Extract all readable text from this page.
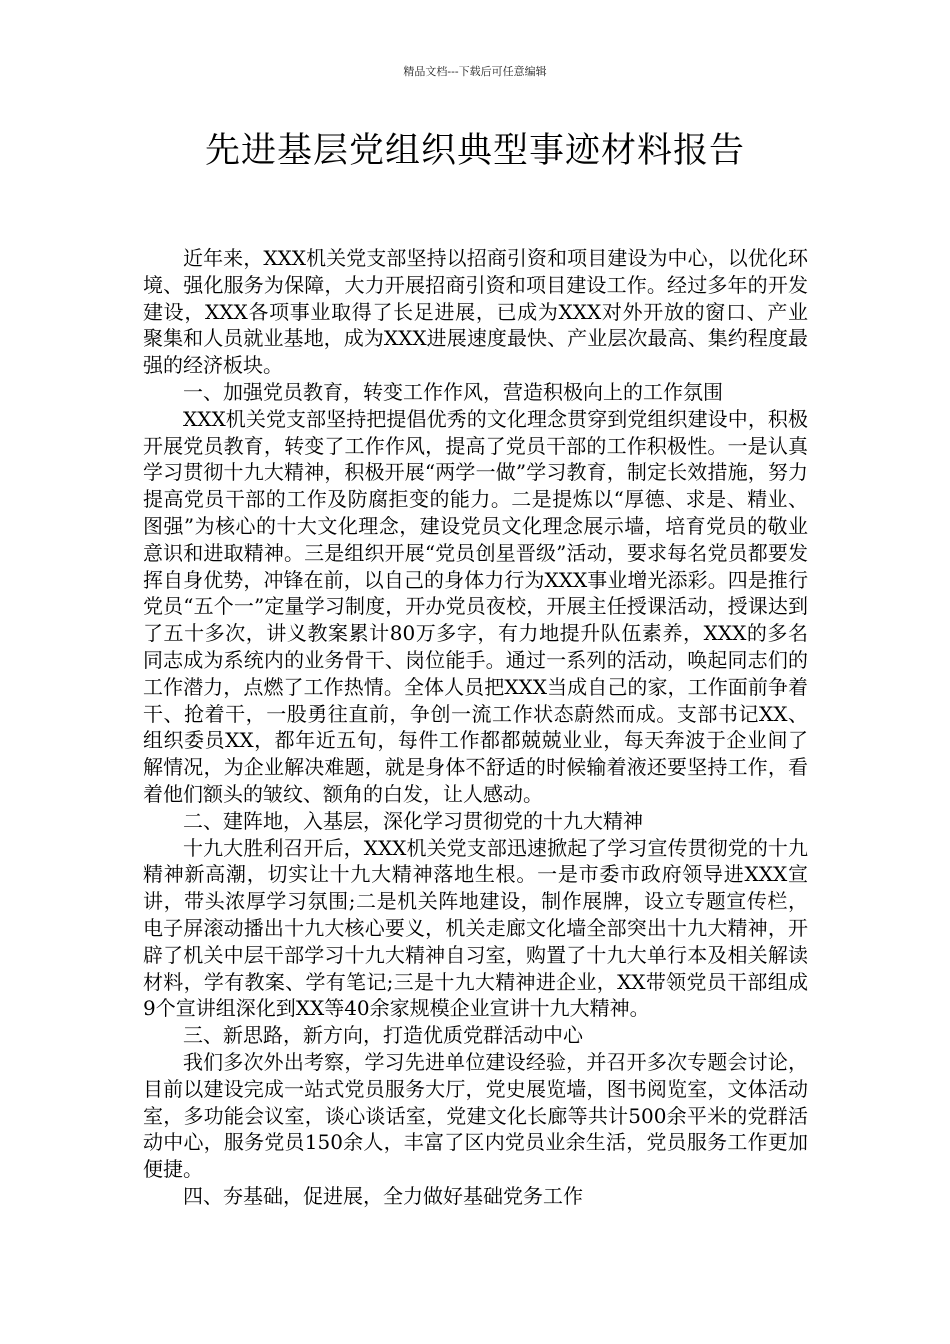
精品文档---下载后可任意编辑
先进基层党组织典型事迹材料报告

近年来，XXX机关党支部坚持以招商引资和项目建设为中心，以优化环境、强化服务为保障，大力开展招商引资和项目建设工作。经过多年的开发建设，XXX各项事业取得了长足进展，已成为XXX对外开放的窗口、产业聚集和人员就业基地，成为XXX进展速度最快、产业层次最高、集约程度最强的经济板块。

一、加强党员教育，转变工作作风，营造积极向上的工作氛围

XXX机关党支部坚持把提倡优秀的文化理念贯穿到党组织建设中，积极开展党员教育，转变了工作作风，提高了党员干部的工作积极性。一是认真学习贯彻十九大精神，积极开展“两学一做”学习教育，制定长效措施，努力提高党员干部的工作及防腐拒变的能力。二是提炼以“厚德、求是、精业、图强”为核心的十大文化理念，建设党员文化理念展示墙，培育党员的敬业意识和进取精神。三是组织开展“党员创星晋级”活动，要求每名党员都要发挥自身优势，冲锋在前，以自己的身体力行为XXX事业增光添彩。四是推行党员“五个一”定量学习制度，开办党员夜校，开展主任授课活动，授课达到了五十多次，讲义教案累计80万多字，有力地提升队伍素养，XXX的多名同志成为系统内的业务骨干、岗位能手。通过一系列的活动，唤起同志们的工作潜力，点燃了工作热情。全体人员把XXX当成自己的家，工作面前争着干、抢着干，一股勇往直前，争创一流工作状态蔚然而成。支部书记XX、组织委员XX，都年近五旬，每件工作都都兢兢业业，每天奔波于企业间了解情况，为企业解决难题，就是身体不舒适的时候输着液还要坚持工作，看着他们额头的皱纹、额角的白发，让人感动。

二、建阵地，入基层，深化学习贯彻党的十九大精神

十九大胜利召开后，XXX机关党支部迅速掀起了学习宣传贯彻党的十九精神新高潮，切实让十九大精神落地生根。一是市委市政府领导进XXX宣讲，带头浓厚学习氛围;二是机关阵地建设，制作展牌，设立专题宣传栏，电子屏滚动播出十九大核心要义，机关走廊文化墙全部突出十九大精神，开辟了机关中层干部学习十九大精神自习室，购置了十九大单行本及相关解读材料，学有教案、学有笔记;三是十九大精神进企业，XX带领党员干部组成9个宣讲组深化到XX等40余家规模企业宣讲十九大精神。

三、新思路，新方向，打造优质党群活动中心

我们多次外出考察，学习先进单位建设经验，并召开多次专题会讨论，目前以建设完成一站式党员服务大厅，党史展览墙，图书阅览室，文体活动室，多功能会议室，谈心谈话室，党建文化长廊等共计500余平米的党群活动中心，服务党员150余人，丰富了区内党员业余生活，党员服务工作更加便捷。

四、夯基础，促进展，全力做好基础党务工作
